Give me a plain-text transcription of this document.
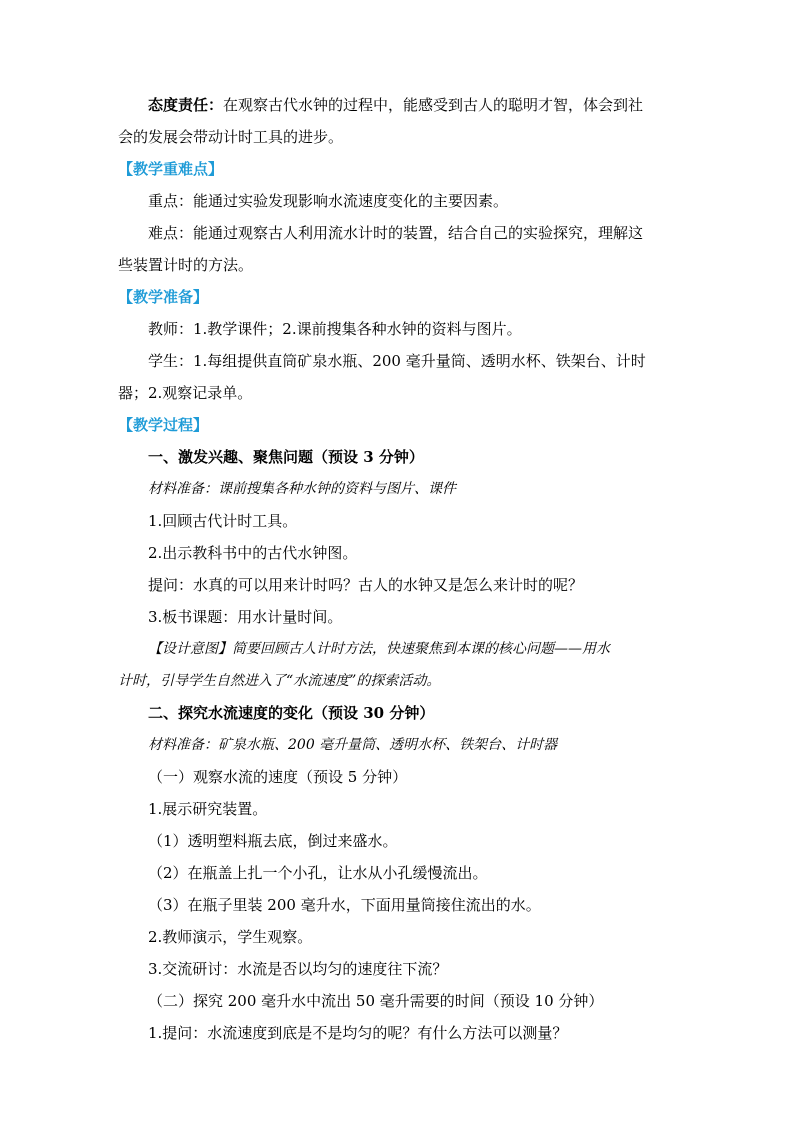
态度责任：在观察古代水钟的过程中，能感受到古人的聪明才智，体会到社
会的发展会带动计时工具的进步。
【教学重难点】
重点：能通过实验发现影响水流速度变化的主要因素。
难点：能通过观察古人利用流水计时的装置，结合自己的实验探究，理解这
些装置计时的方法。
【教学准备】
教师：1.教学课件；2.课前搜集各种水钟的资料与图片。
学生：1.每组提供直筒矿泉水瓶、200 毫升量筒、透明水杯、铁架台、计时
器；2.观察记录单。
【教学过程】
一、激发兴趣、聚焦问题（预设 3 分钟）
材料准备：课前搜集各种水钟的资料与图片、课件
1.回顾古代计时工具。
2.出示教科书中的古代水钟图。
提问：水真的可以用来计时吗？古人的水钟又是怎么来计时的呢？
3.板书课题：用水计量时间。
【设计意图】简要回顾古人计时方法，快速聚焦到本课的核心问题——用水
计时，引导学生自然进入了“水流速度”的探索活动。
二、探究水流速度的变化（预设 30 分钟）
材料准备：矿泉水瓶、200 毫升量筒、透明水杯、铁架台、计时器
（一）观察水流的速度（预设 5 分钟）
1.展示研究装置。
（1）透明塑料瓶去底，倒过来盛水。
（2）在瓶盖上扎一个小孔，让水从小孔缓慢流出。
（3）在瓶子里装 200 毫升水，下面用量筒接住流出的水。
2.教师演示，学生观察。
3.交流研讨：水流是否以均匀的速度往下流？
（二）探究 200 毫升水中流出 50 毫升需要的时间（预设 10 分钟）
1.提问：水流速度到底是不是均匀的呢？有什么方法可以测量？
